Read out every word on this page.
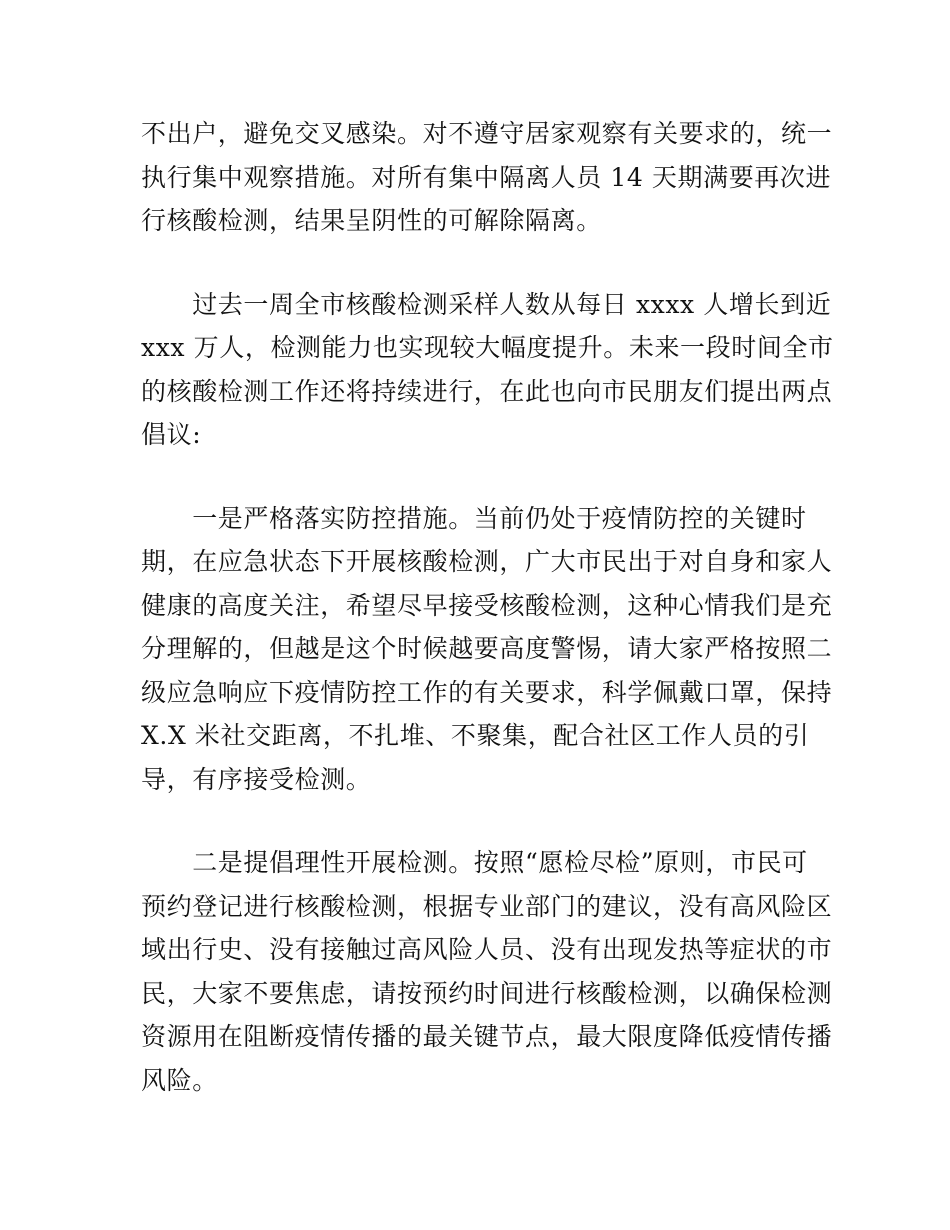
不出户，避免交叉感染。对不遵守居家观察有关要求的，统一
执行集中观察措施。对所有集中隔离人员 14 天期满要再次进
行核酸检测，结果呈阴性的可解除隔离。

　　过去一周全市核酸检测采样人数从每日 xxxx 人增长到近
xxx 万人，检测能力也实现较大幅度提升。未来一段时间全市
的核酸检测工作还将持续进行，在此也向市民朋友们提出两点
倡议:

　　一是严格落实防控措施。当前仍处于疫情防控的关键时
期，在应急状态下开展核酸检测，广大市民出于对自身和家人
健康的高度关注，希望尽早接受核酸检测，这种心情我们是充
分理解的，但越是这个时候越要高度警惕，请大家严格按照二
级应急响应下疫情防控工作的有关要求，科学佩戴口罩，保持
X.X 米社交距离，不扎堆、不聚集，配合社区工作人员的引
导，有序接受检测。

　　二是提倡理性开展检测。按照“愿检尽检”原则，市民可
预约登记进行核酸检测，根据专业部门的建议，没有高风险区
域出行史、没有接触过高风险人员、没有出现发热等症状的市
民，大家不要焦虑，请按预约时间进行核酸检测，以确保检测
资源用在阻断疫情传播的最关键节点，最大限度降低疫情传播
风险。
